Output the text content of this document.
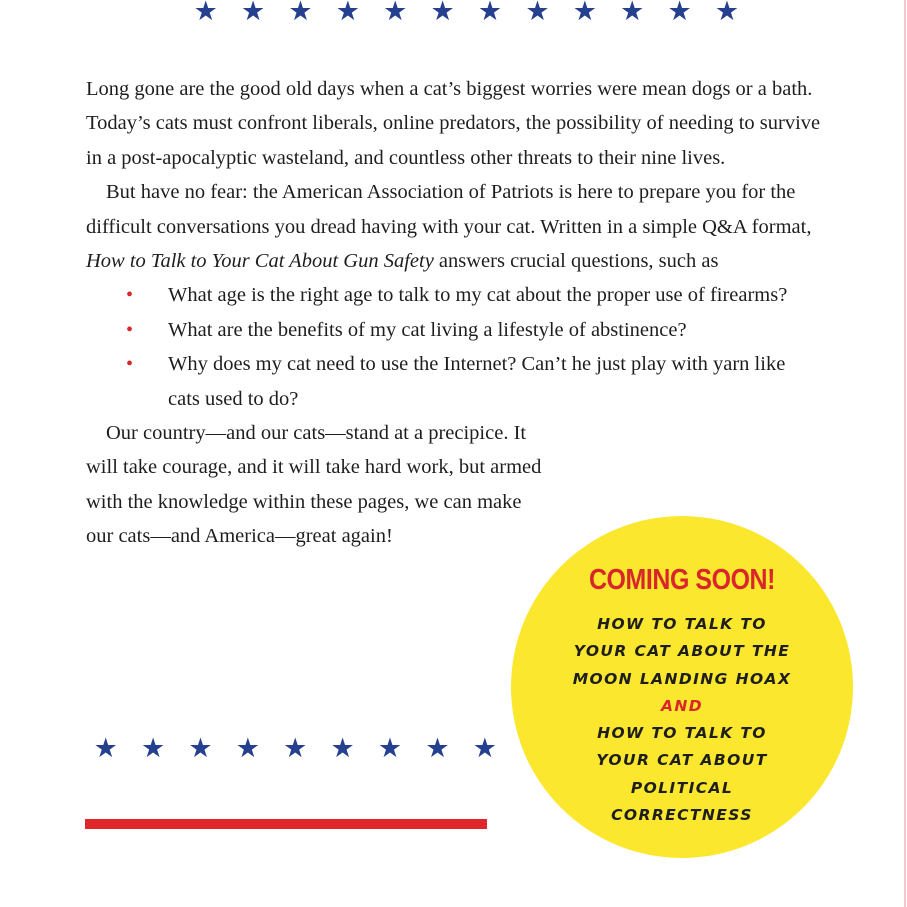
★ ★ ★ ★ ★ ★ ★ ★ ★ ★ ★ ★

Long gone are the good old days when a cat’s biggest worries were mean dogs or a bath. Today’s cats must confront liberals, online predators, the possibility of needing to survive in a post-apocalyptic wasteland, and countless other threats to their nine lives.

But have no fear: the American Association of Patriots is here to prepare you for the difficult conversations you dread having with your cat. Written in a simple Q&A format, How to Talk to Your Cat About Gun Safety answers crucial questions, such as

• What age is the right age to talk to my cat about the proper use of firearms?
• What are the benefits of my cat living a lifestyle of abstinence?
• Why does my cat need to use the Internet? Can’t he just play with yarn like cats used to do?

Our country—and our cats—stand at a precipice. It will take courage, and it will take hard work, but armed with the knowledge within these pages, we can make our cats—and America—great again!

★ ★ ★ ★ ★ ★ ★ ★ ★
COMING SOON!
HOW TO TALK TO
YOUR CAT ABOUT THE
MOON LANDING HOAX
AND
HOW TO TALK TO
YOUR CAT ABOUT
POLITICAL
CORRECTNESS
